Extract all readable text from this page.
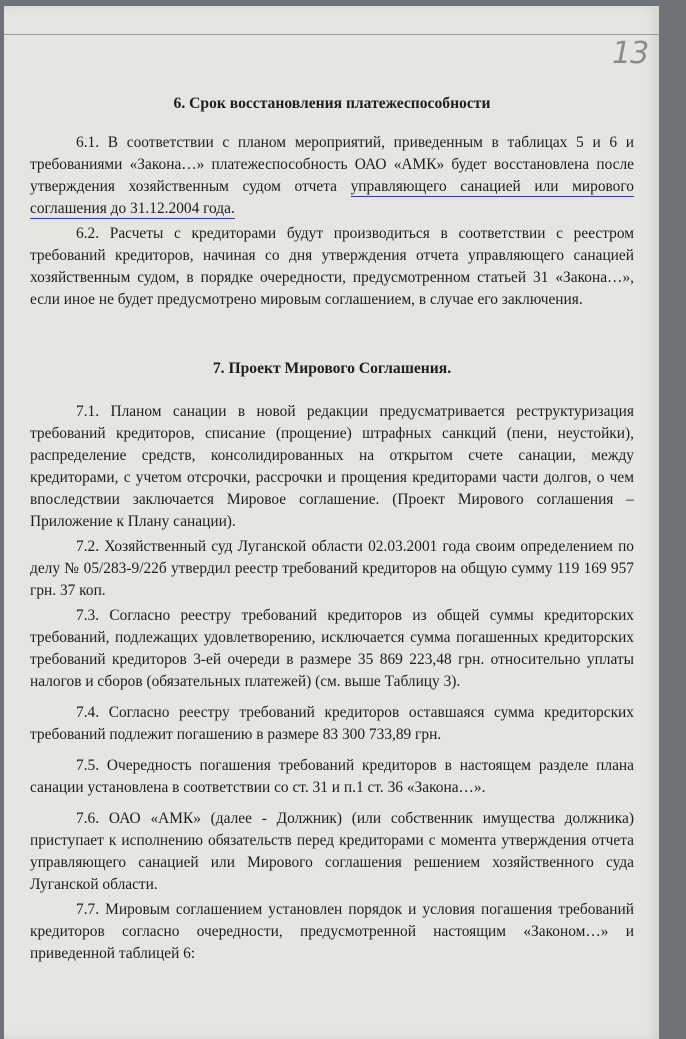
13
6. Срок восстановления платежеспособности

6.1. В соответствии с планом мероприятий, приведенным в таблицах 5 и 6 и требованиями «Закона…» платежеспособность ОАО «АМК» будет восстановлена после утверждения хозяйственным судом отчета управляющего санацией или мирового соглашения до 31.12.2004 года.

6.2. Расчеты с кредиторами будут производиться в соответствии с реестром требований кредиторов, начиная со дня утверждения отчета управляющего санацией хозяйственным судом, в порядке очередности, предусмотренном статьей 31 «Закона…», если иное не будет предусмотрено мировым соглашением, в случае его заключения.

7. Проект Мирового Соглашения.

7.1. Планом санации в новой редакции предусматривается реструктуризация требований кредиторов, списание (прощение) штрафных санкций (пени, неустойки), распределение средств, консолидированных на открытом счете санации, между кредиторами, с учетом отсрочки, рассрочки и прощения кредиторами части долгов, о чем впоследствии заключается Мировое соглашение. (Проект Мирового соглашения – Приложение к Плану санации).

7.2. Хозяйственный суд Луганской области 02.03.2001 года своим определением по делу № 05/283-9/22б утвердил реестр требований кредиторов на общую сумму 119 169 957 грн. 37 коп.

7.3. Согласно реестру требований кредиторов из общей суммы кредиторских требований, подлежащих удовлетворению, исключается сумма погашенных кредиторских требований кредиторов 3-ей очереди в размере 35 869 223,48 грн. относительно уплаты налогов и сборов (обязательных платежей) (см. выше Таблицу 3).

7.4. Согласно реестру требований кредиторов оставшаяся сумма кредиторских требований подлежит погашению в размере 83 300 733,89 грн.

7.5. Очередность погашения требований кредиторов в настоящем разделе плана санации установлена в соответствии со ст. 31 и п.1 ст. 36 «Закона…».

7.6. ОАО «АМК» (далее - Должник) (или собственник имущества должника) приступает к исполнению обязательств перед кредиторами с момента утверждения отчета управляющего санацией или Мирового соглашения решением хозяйственного суда Луганской области.

7.7. Мировым соглашением установлен порядок и условия погашения требований кредиторов согласно очередности, предусмотренной настоящим «Законом…» и приведенной таблицей 6:
